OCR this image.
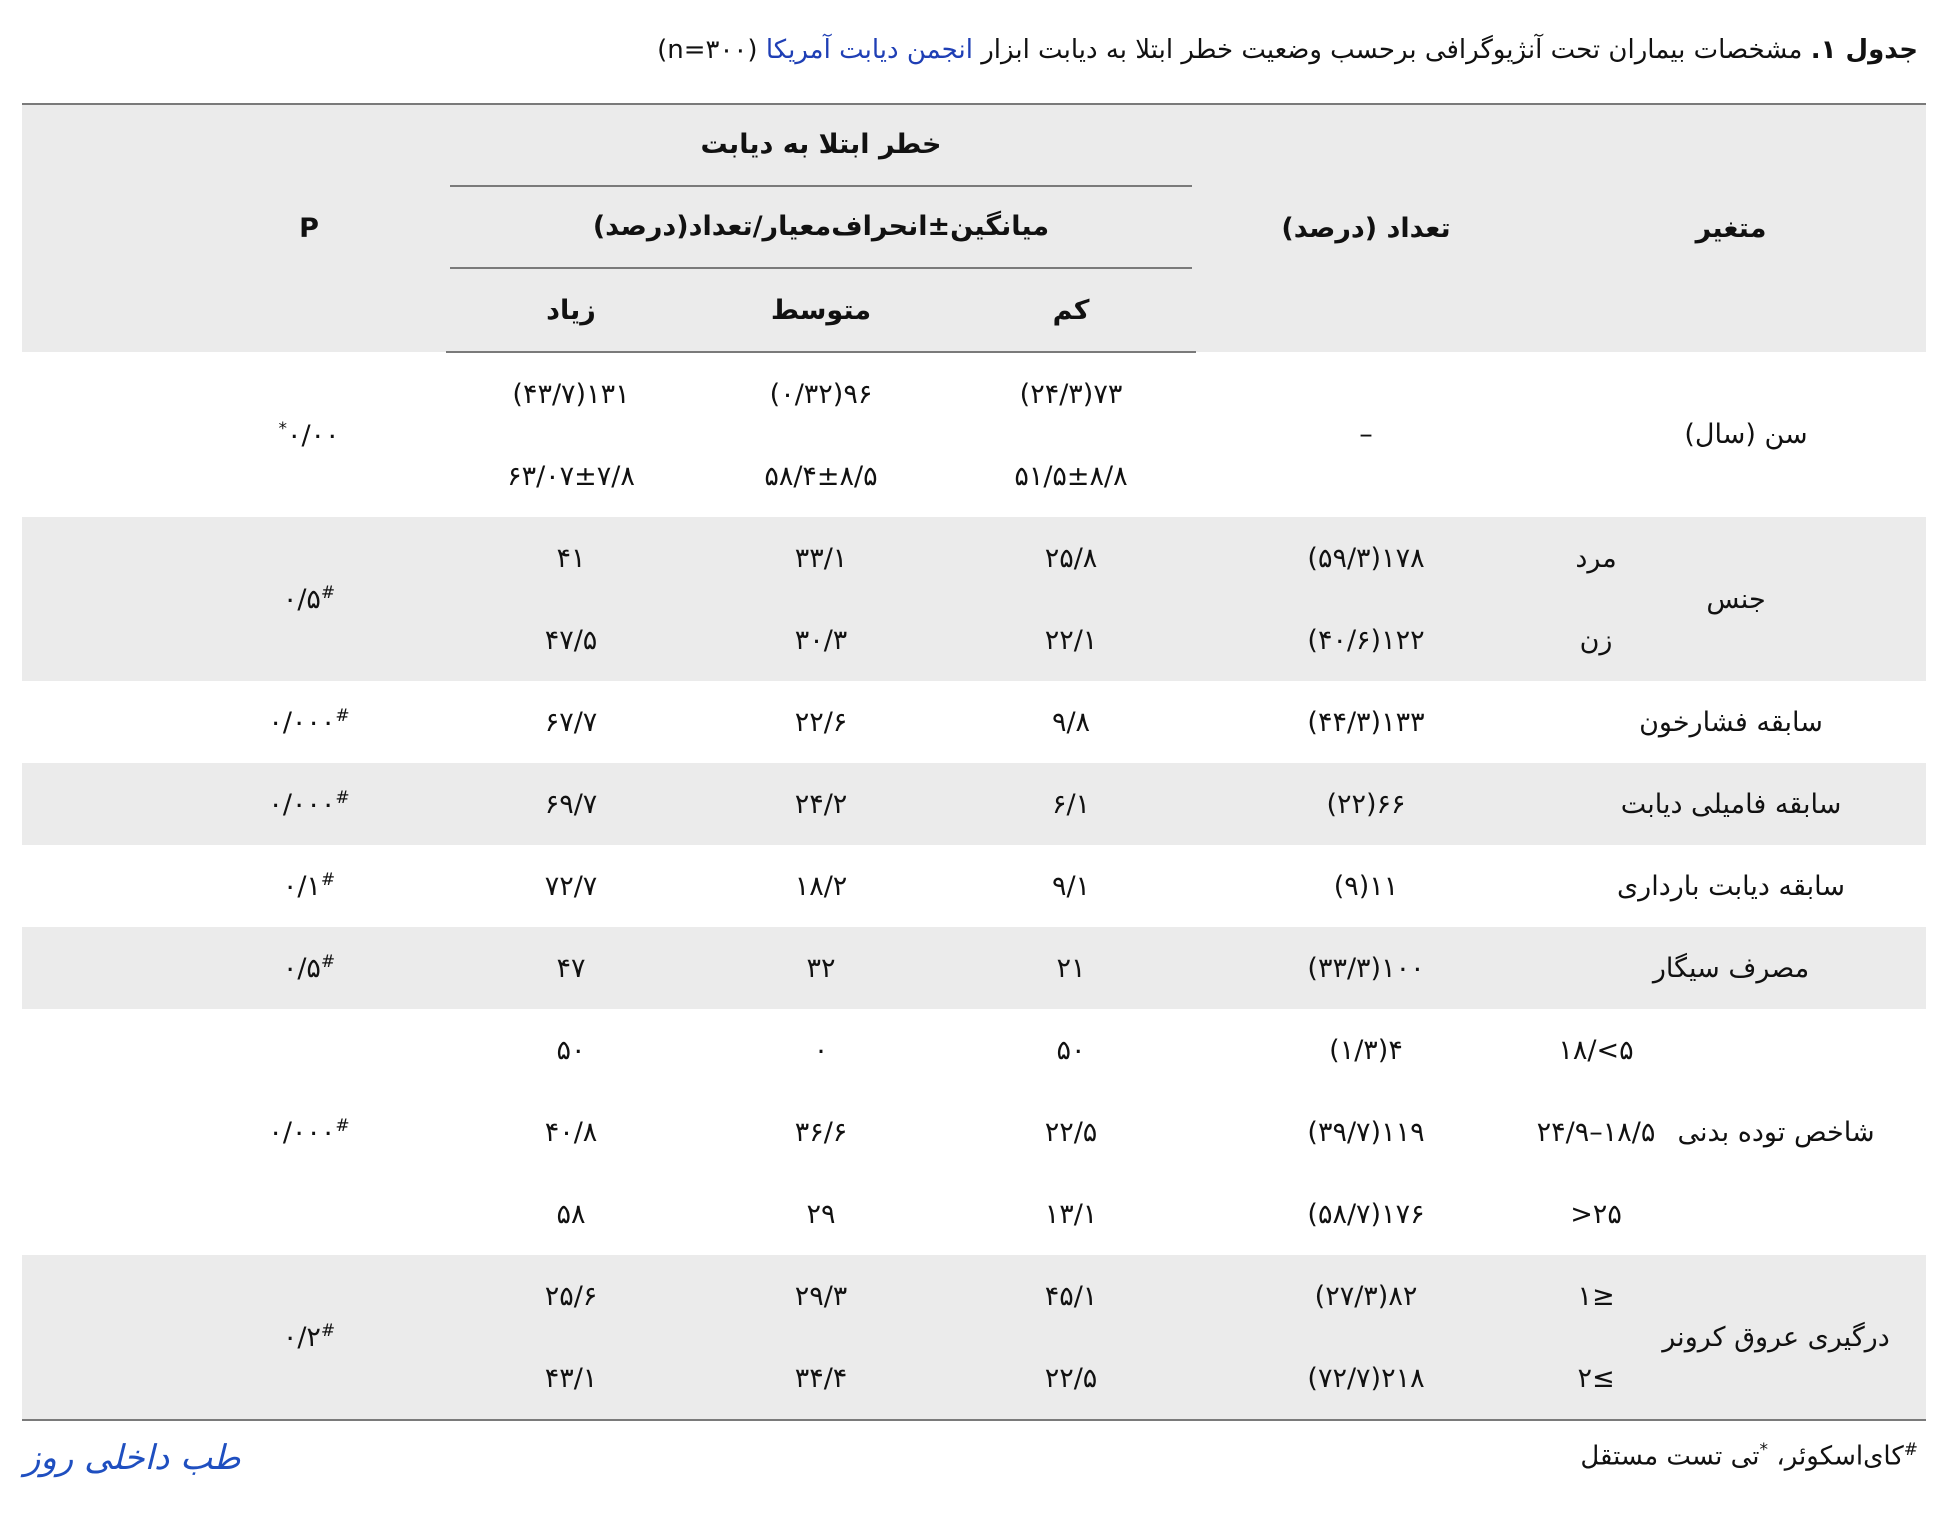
جدول ۱. مشخصات بیماران تحت آنژیوگرافی برحسب وضعیت خطر ابتلا به دیابت ابزار انجمن دیابت آمریکا (n=۳۰۰)
متغیر		تعداد (درصد)	خطر ابتلا به دیابت			P

			میانگین±انحراف‌معیار/تعداد(درصد)			

			کم	متوسط	زیاد	
سن (سال)		–	۷۳(۲۴/۳)	۹۶(۰/۳۲)	۱۳۱(۴۳/۷)	۰/۰۰*
			۵۱/۵±۸/۸	۵۸/۴±۸/۵	۶۳/۰۷±۷/۸	
جنس	مرد	۱۷۸(۵۹/۳)	۲۵/۸	۳۳/۱	۴۱	۰/۵#
	زن	۱۲۲(۴۰/۶)	۲۲/۱	۳۰/۳	۴۷/۵	
سابقه فشارخون		۱۳۳(۴۴/۳)	۹/۸	۲۲/۶	۶۷/۷	۰/۰۰۰#
سابقه فامیلی دیابت		۶۶(۲۲)	۶/۱	۲۴/۲	۶۹/۷	۰/۰۰۰#
سابقه دیابت بارداری		۱۱(۹)	۹/۱	۱۸/۲	۷۲/۷	۰/۱#
مصرف سیگار		۱۰۰(۳۳/۳)	۲۱	۳۲	۴۷	۰/۵#
شاخص توده بدنی	۱۸/<۵	۴(۱/۳)	۵۰	۰	۵۰	۰/۰۰۰#
	۲۴/۹–۱۸/۵	۱۱۹(۳۹/۷)	۲۲/۵	۳۶/۶	۴۰/۸	
	>۲۵	۱۷۶(۵۸/۷)	۱۳/۱	۲۹	۵۸	
درگیری عروق کرونر	۱≥	۸۲(۲۷/۳)	۴۵/۱	۲۹/۳	۲۵/۶	۰/۲#
	۲≤	۲۱۸(۷۲/۷)	۲۲/۵	۳۴/۴	۴۳/۱	
#کای‌اسکوئر، *تی تست مستقل
طب داخلی روز
